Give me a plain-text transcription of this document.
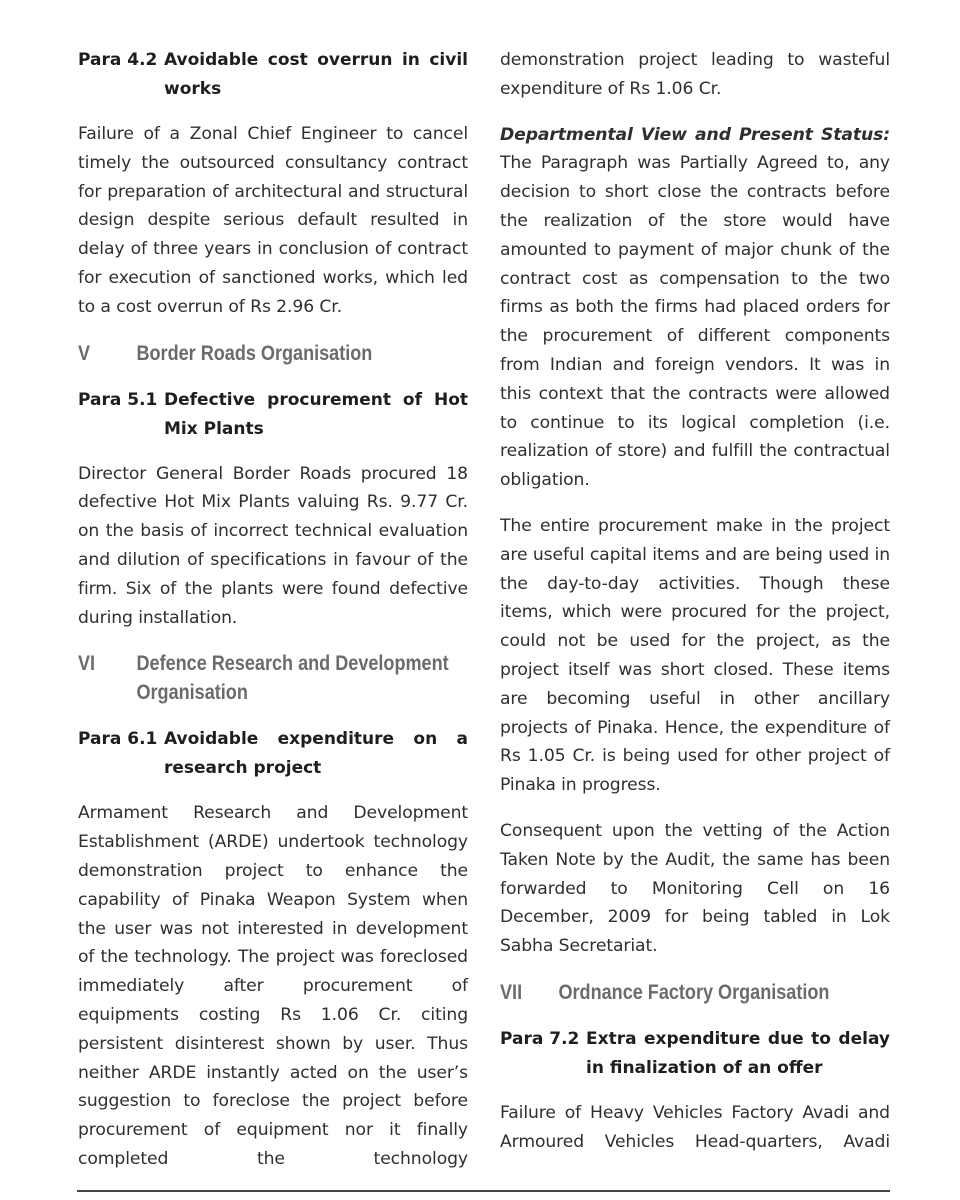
Para 4.2 Avoidable cost overrun in civil works

Failure of a Zonal Chief Engineer to cancel timely the outsourced consultancy contract for preparation of architectural and structural design despite serious default resulted in delay of three years in conclusion of contract for execution of sanctioned works, which led to a cost overrun of Rs 2.96 Cr.

V	Border Roads Organisation
Para 5.1 Defective procurement of Hot Mix Plants

Director General Border Roads procured 18 defective Hot Mix Plants valuing Rs. 9.77 Cr. on the basis of incorrect technical evaluation and dilution of specifications in favour of the firm. Six of the plants were found defective during installation.

VI	Defence Research and Development Organisation
Para 6.1 Avoidable expenditure on a research project

Armament Research and Development Establishment (ARDE) undertook technology demonstration project to enhance the capability of Pinaka Weapon System when the user was not interested in development of the technology. The project was foreclosed immediately after procurement of equipments costing Rs 1.06 Cr. citing persistent disinterest shown by user. Thus neither ARDE instantly acted on the user’s suggestion to foreclose the project before procurement of equipment nor it finally completed the technology

demonstration project leading to wasteful expenditure of Rs 1.06 Cr.

Departmental View and Present Status: The Paragraph was Partially Agreed to, any decision to short close the contracts before the realization of the store would have amounted to payment of major chunk of the contract cost as compensation to the two firms as both the firms had placed orders for the procurement of different components from Indian and foreign vendors. It was in this context that the contracts were allowed to continue to its logical completion (i.e. realization of store) and fulfill the contractual obligation.

The entire procurement make in the project are useful capital items and are being used in the day-to-day activities. Though these items, which were procured for the project, could not be used for the project, as the project itself was short closed. These items are becoming useful in other ancillary projects of Pinaka. Hence, the expenditure of Rs 1.05 Cr. is being used for other project of Pinaka in progress.

Consequent upon the vetting of the Action Taken Note by the Audit, the same has been forwarded to Monitoring Cell on 16 December, 2009 for being tabled in Lok Sabha Secretariat.

VII	Ordnance Factory Organisation
Para 7.2 Extra expenditure due to delay in finalization of an offer

Failure of Heavy Vehicles Factory Avadi and Armoured Vehicles Head-quarters, Avadi
